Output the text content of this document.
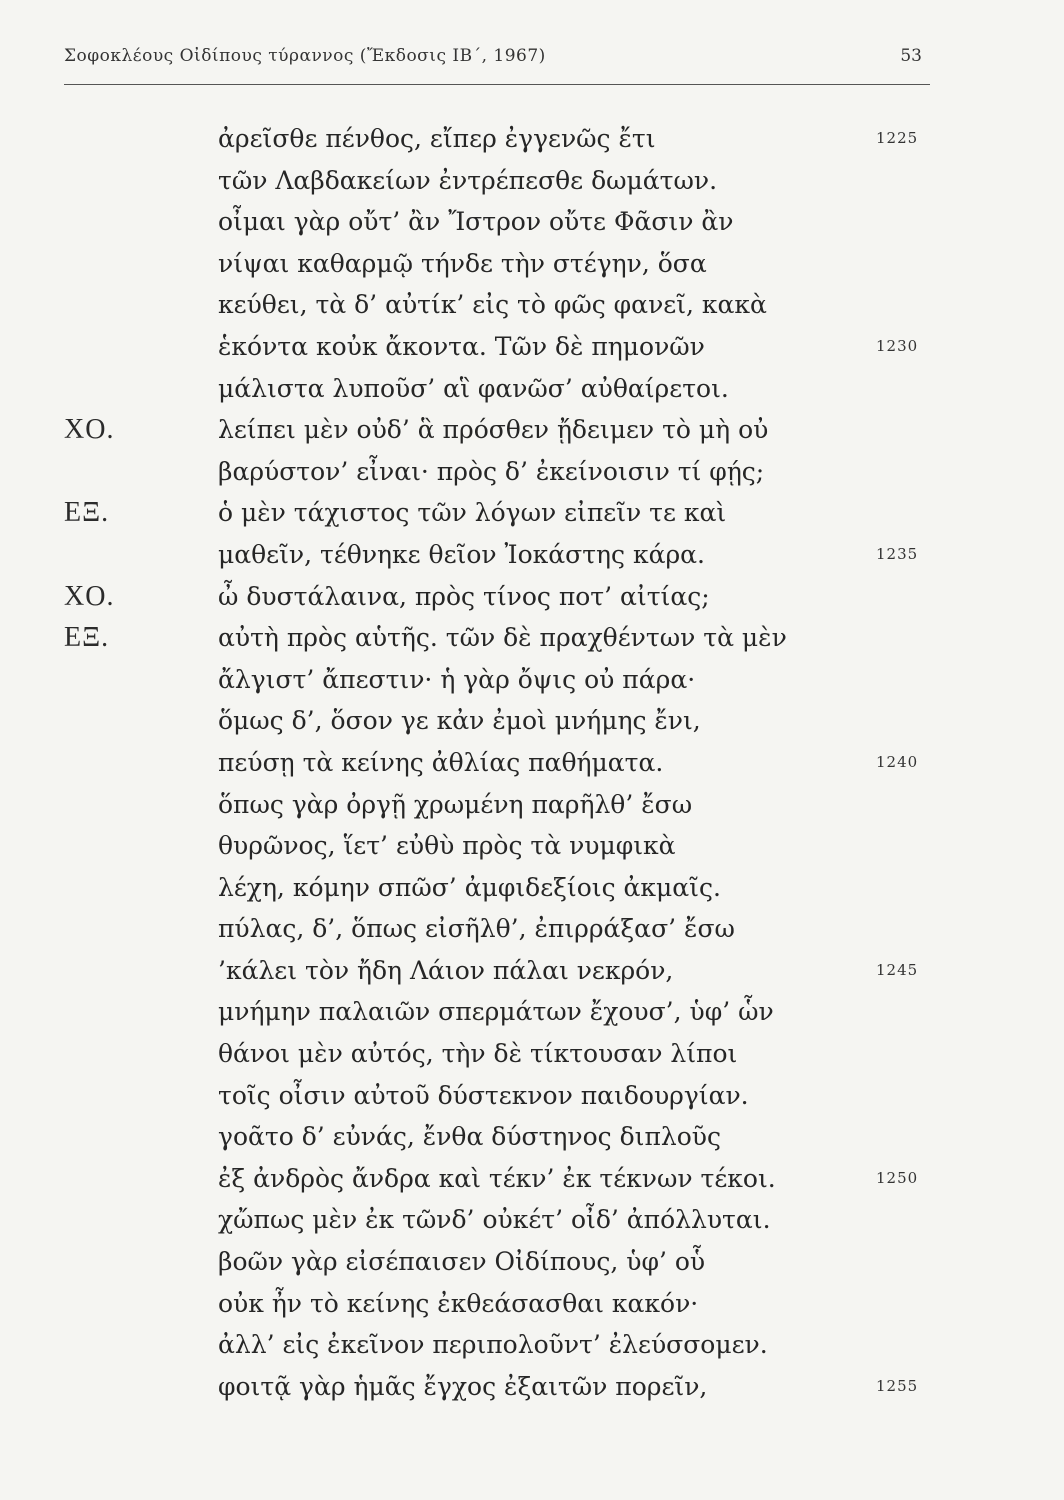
Σοφοκλέους Οἰδίπους τύραννος (Ἔκδοσις ΙΒ΄, 1967)	53
ἀρεῖσθε πένθος, εἴπερ ἐγγενῶς ἔτι	1225
τῶν Λαβδακείων ἐντρέπεσθε δωμάτων.
οἶμαι γὰρ οὔτ’ ἂν Ἴστρον οὔτε Φᾶσιν ἂν
νίψαι καθαρμῷ τήνδε τὴν στέγην, ὅσα
κεύθει, τὰ δ’ αὐτίκ’ εἰς τὸ φῶς φανεῖ, κακὰ
ἑκόντα κοὐκ ἄκοντα. Τῶν δὲ πημονῶν	1230
μάλιστα λυποῦσ’ αἳ φανῶσ’ αὐθαίρετοι.
ΧΟ.	λείπει μὲν οὐδ’ ἃ πρόσθεν ᾔδειμεν τὸ μὴ οὐ
βαρύστον’ εἶναι· πρὸς δ’ ἐκείνοισιν τί φῄς;
ΕΞ.	ὁ μὲν τάχιστος τῶν λόγων εἰπεῖν τε καὶ
μαθεῖν, τέθνηκε θεῖον Ἰοκάστης κάρα.	1235
ΧΟ.	ὦ δυστάλαινα, πρὸς τίνος ποτ’ αἰτίας;
ΕΞ.	αὐτὴ πρὸς αὑτῆς. τῶν δὲ πραχθέντων τὰ μὲν
ἄλγιστ’ ἄπεστιν· ἡ γὰρ ὄψις οὐ πάρα·
ὅμως δ’, ὅσον γε κἀν ἐμοὶ μνήμης ἔνι,
πεύσῃ τὰ κείνης ἀθλίας παθήματα.	1240
ὅπως γὰρ ὀργῇ χρωμένη παρῆλθ’ ἔσω
θυρῶνος, ἵετ’ εὐθὺ πρὸς τὰ νυμφικὰ
λέχη, κόμην σπῶσ’ ἀμφιδεξίοις ἀκμαῖς.
πύλας, δ’, ὅπως εἰσῆλθ’, ἐπιρράξασ’ ἔσω
’κάλει τὸν ἤδη Λάιον πάλαι νεκρόν,	1245
μνήμην παλαιῶν σπερμάτων ἔχουσ’, ὑφ’ ὧν
θάνοι μὲν αὐτός, τὴν δὲ τίκτουσαν λίποι
τοῖς οἶσιν αὐτοῦ δύστεκνον παιδουργίαν.
γοᾶτο δ’ εὐνάς, ἔνθα δύστηνος διπλοῦς
ἐξ ἀνδρὸς ἄνδρα καὶ τέκν’ ἐκ τέκνων τέκοι.	1250
χὤπως μὲν ἐκ τῶνδ’ οὐκέτ’ οἶδ’ ἀπόλλυται.
βοῶν γὰρ εἰσέπαισεν Οἰδίπους, ὑφ’ οὗ
οὐκ ἦν τὸ κείνης ἐκθεάσασθαι κακόν·
ἀλλ’ εἰς ἐκεῖνον περιπολοῦντ’ ἐλεύσσομεν.
φοιτᾷ γὰρ ἡμᾶς ἔγχος ἐξαιτῶν πορεῖν,	1255
